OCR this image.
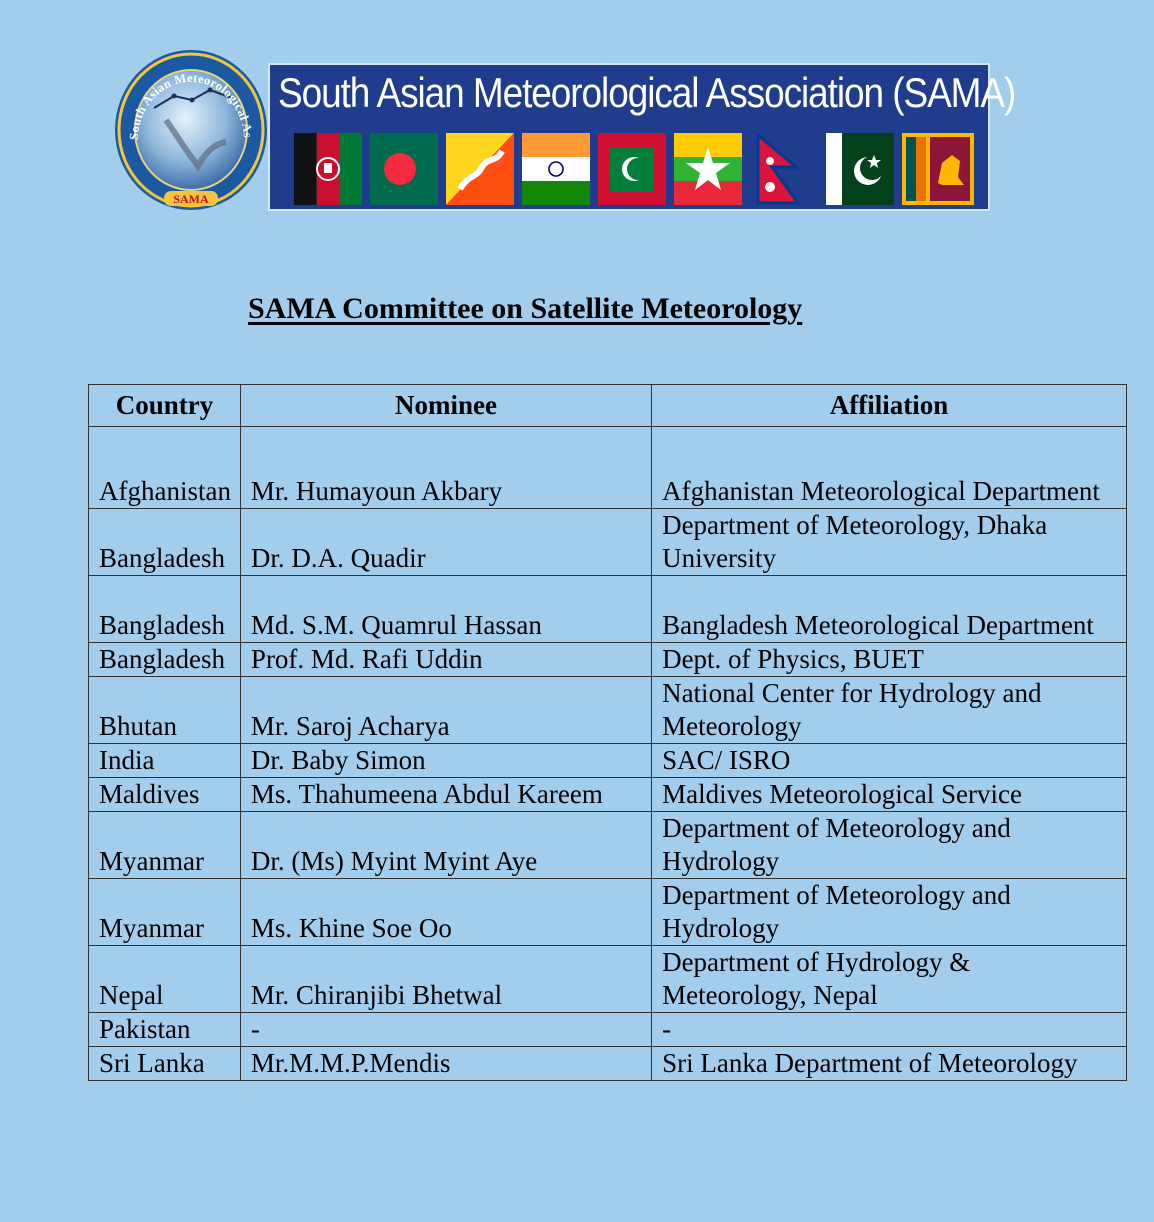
South Asian Meteorological As
SAMA
South Asian Meteorological Association (SAMA)
SAMA Committee on Satellite Meteorology
Country	Nominee	Affiliation
Afghanistan	Mr. Humayoun Akbary	Afghanistan Meteorological Department
Bangladesh	Dr. D.A. Quadir	Department of Meteorology, Dhaka University
Bangladesh	Md. S.M. Quamrul Hassan	Bangladesh Meteorological Department
Bangladesh	Prof. Md. Rafi Uddin	Dept. of Physics, BUET
Bhutan	Mr. Saroj Acharya	National Center for Hydrology and Meteorology
India	Dr. Baby Simon	SAC/ ISRO
Maldives	Ms. Thahumeena Abdul Kareem	Maldives Meteorological Service
Myanmar	Dr. (Ms) Myint Myint Aye	Department of Meteorology and Hydrology
Myanmar	Ms. Khine Soe Oo	Department of Meteorology and Hydrology
Nepal	Mr. Chiranjibi Bhetwal	Department of Hydrology & Meteorology, Nepal
Pakistan	-	-
Sri Lanka	Mr.M.M.P.Mendis	Sri Lanka Department of Meteorology
